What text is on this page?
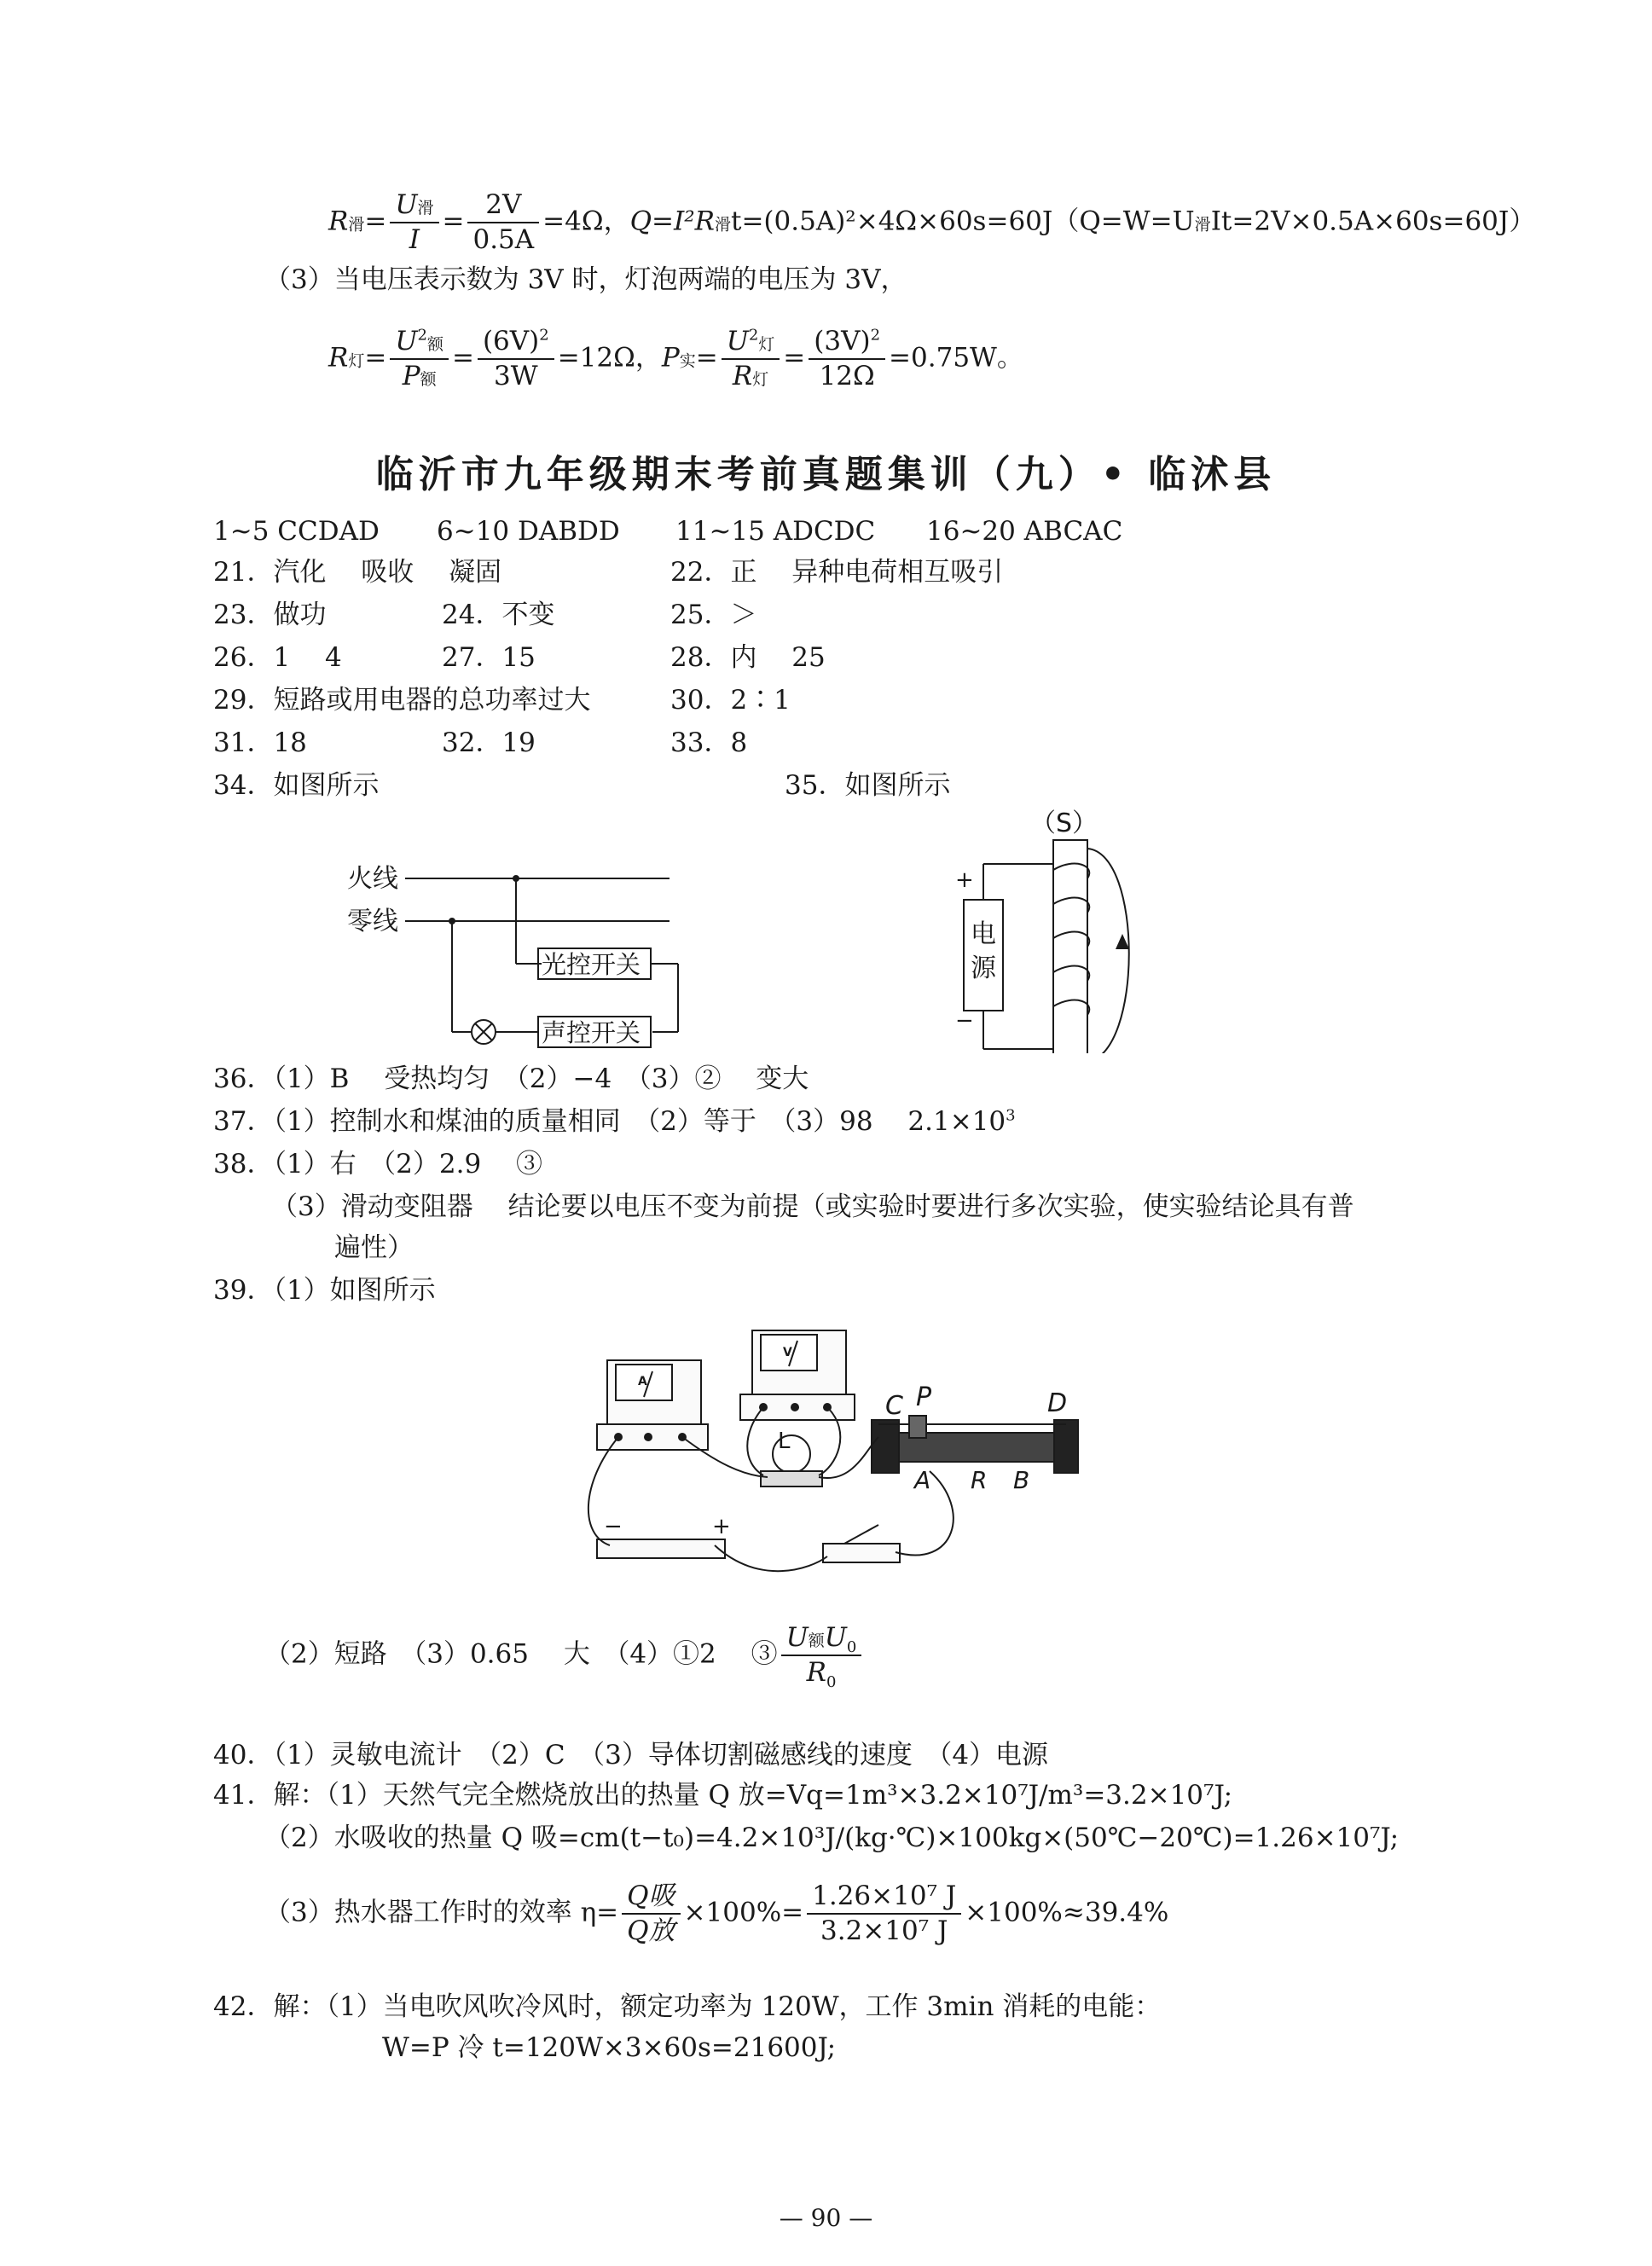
R滑= $\frac{\text{U滑}}{I} = \frac{2V}{0.5A} =4\Omega$，Q=I²R滑t=(0.5A)²×4Ω×60s=60J（Q=W=U滑It=2V×0.5A×60s=60J）
（3）当电压表示数为 3V 时，灯泡两端的电压为 3V，
R灯= $\frac{U^2额}{\text{P额}} = \frac{(6V)^2}{3W} =12\Omega$，P实= $\frac{U^2灯}{\text{R灯}} = \frac{(3V)^2}{12\Omega} =0.75W$。
临沂市九年级期末考前真题集训（九）• 临沭县
1~5 CCDAD 6~10 DABDD 11~15 ADCDC 16~20 ABCAC
21．汽化　 吸收　 凝固	22．正　 异种电荷相互吸引
23．做功	24．不变	25．＞
26．1　 4	27．15	28．内　 25
29．短路或用电器的总功率过大	30．2∶1
31．18	32．19	33．8
34．如图所示	35．如图所示
火线
零线
光控开关
声控开关
（S）
+
−
电
源
36．（1）B　 受热均匀　（2）−4　（3）②　 变大
37．（1）控制水和煤油的质量相同　（2）等于　（3）98　 $2.1\times 10^3$
38．（1）右　（2）2.9　 ③
（3）滑动变阻器　 结论要以电压不变为前提（或实验时要进行多次实验，使实验结论具有普
遍性）
39．（1）如图所示
A
V
L
C P	D
A R B
−	+
（2）短路　（3）0.65　 大　（4）①2　 ③ $\frac{U额U_0}{R_0}$
40．（1）灵敏电流计　（2）C　（3）导体切割磁感线的速度　（4）电源
41．解：（1）天然气完全燃烧放出的热量 Q 放=Vq=1m³×3.2×10⁷J/m³=3.2×10⁷J;
（2）水吸收的热量 Q 吸=cm(t−t₀)=4.2×10³J/(kg·℃)×100kg×(50℃−20℃)=1.26×10⁷J;
（3）热水器工作时的效率 $\eta= \frac{\text{Q吸}}{\text{Q放}} \times 100\%= \frac{\text{1.26×10⁷ J}}{\text{3.2×10⁷ J}} \times 100\%\approx 39.4\%$
42．解：（1）当电吹风吹冷风时，额定功率为 120W，工作 3min 消耗的电能：
W=P 冷 t=120W×3×60s=21600J;
— 90 —
